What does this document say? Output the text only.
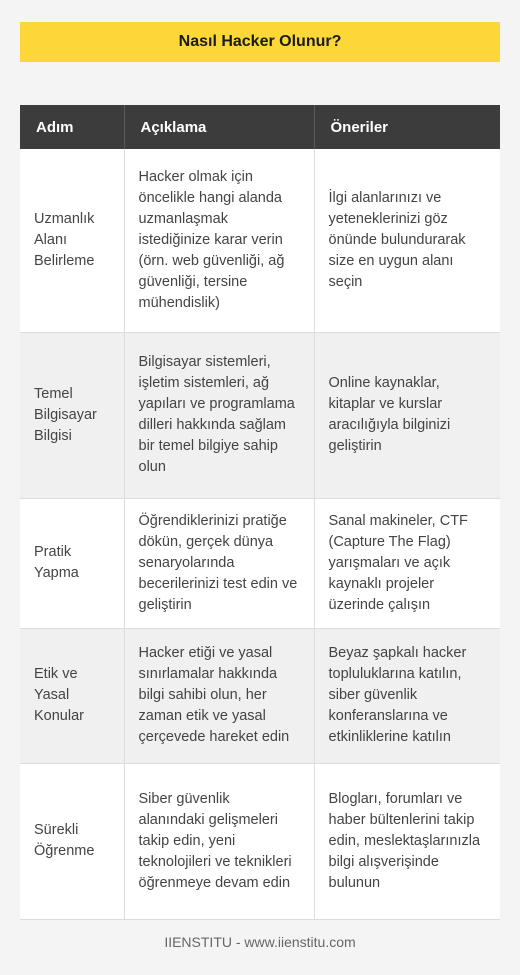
Nasıl Hacker Olunur?
Adım	Açıklama	Öneriler
Uzmanlık Alanı Belirleme	Hacker olmak için öncelikle hangi alanda uzmanlaşmak istediğinize karar verin (örn. web güvenliği, ağ güvenliği, tersine mühendislik)	İlgi alanlarınızı ve yeteneklerinizi göz önünde bulundurarak size en uygun alanı seçin
Temel Bilgisayar Bilgisi	Bilgisayar sistemleri, işletim sistemleri, ağ yapıları ve programlama dilleri hakkında sağlam bir temel bilgiye sahip olun	Online kaynaklar, kitaplar ve kurslar aracılığıyla bilginizi geliştirin
Pratik Yapma	Öğrendiklerinizi pratiğe dökün, gerçek dünya senaryolarında becerilerinizi test edin ve geliştirin	Sanal makineler, CTF (Capture The Flag) yarışmaları ve açık kaynaklı projeler üzerinde çalışın
Etik ve Yasal Konular	Hacker etiği ve yasal sınırlamalar hakkında bilgi sahibi olun, her zaman etik ve yasal çerçevede hareket edin	Beyaz şapkalı hacker topluluklarına katılın, siber güvenlik konferanslarına ve etkinliklerine katılın
Sürekli Öğrenme	Siber güvenlik alanındaki gelişmeleri takip edin, yeni teknolojileri ve teknikleri öğrenmeye devam edin	Blogları, forumları ve haber bültenlerini takip edin, meslektaşlarınızla bilgi alışverişinde bulunun
IIENSTITU - www.iienstitu.com
